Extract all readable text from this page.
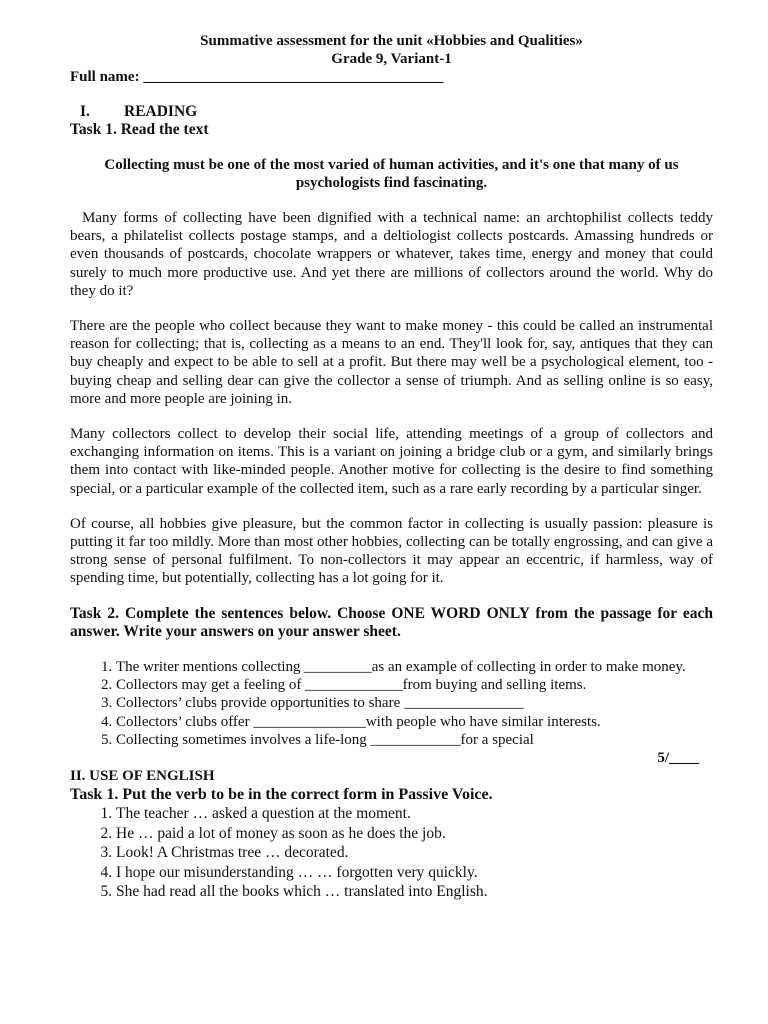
Summative assessment for the unit «Hobbies and Qualities»

Grade 9, Variant-1

Full name: ________________________________________

I. READING

Task 1. Read the text

Collecting must be one of the most varied of human activities, and it's one that many of us psychologists find fascinating.

Many forms of collecting have been dignified with a technical name: an archtophilist collects teddy bears, a philatelist collects postage stamps, and a deltiologist collects postcards. Amassing hundreds or even thousands of postcards, chocolate wrappers or whatever, takes time, energy and money that could surely to much more productive use. And yet there are millions of collectors around the world. Why do they do it?

There are the people who collect because they want to make money - this could be called an instrumental reason for collecting; that is, collecting as a means to an end. They'll look for, say, antiques that they can buy cheaply and expect to be able to sell at a profit. But there may well be a psychological element, too - buying cheap and selling dear can give the collector a sense of triumph. And as selling online is so easy, more and more people are joining in.

Many collectors collect to develop their social life, attending meetings of a group of collectors and exchanging information on items. This is a variant on joining a bridge club or a gym, and similarly brings them into contact with like-minded people. Another motive for collecting is the desire to find something special, or a particular example of the collected item, such as a rare early recording by a particular singer.

Of course, all hobbies give pleasure, but the common factor in collecting is usually passion: pleasure is putting it far too mildly. More than most other hobbies, collecting can be totally engrossing, and can give a strong sense of personal fulfilment. To non-collectors it may appear an eccentric, if harmless, way of spending time, but potentially, collecting has a lot going for it.

Task 2. Complete the sentences below. Choose ONE WORD ONLY from the passage for each answer. Write your answers on your answer sheet.

1. The writer mentions collecting _________as an example of collecting in order to make money.
2. Collectors may get a feeling of _____________from buying and selling items.
3. Collectors’ clubs provide opportunities to share ________________
4. Collectors’ clubs offer _______________with people who have similar interests.
5. Collecting sometimes involves a life-long ____________for a special

5/____

II. USE OF ENGLISH

Task 1. Put the verb to be in the correct form in Passive Voice.

1. The teacher … asked a question at the moment.
2. He … paid a lot of money as soon as he does the job.
3. Look! A Christmas tree … decorated.
4. I hope our misunderstanding … … forgotten very quickly.
5. She had read all the books which … translated into English.
